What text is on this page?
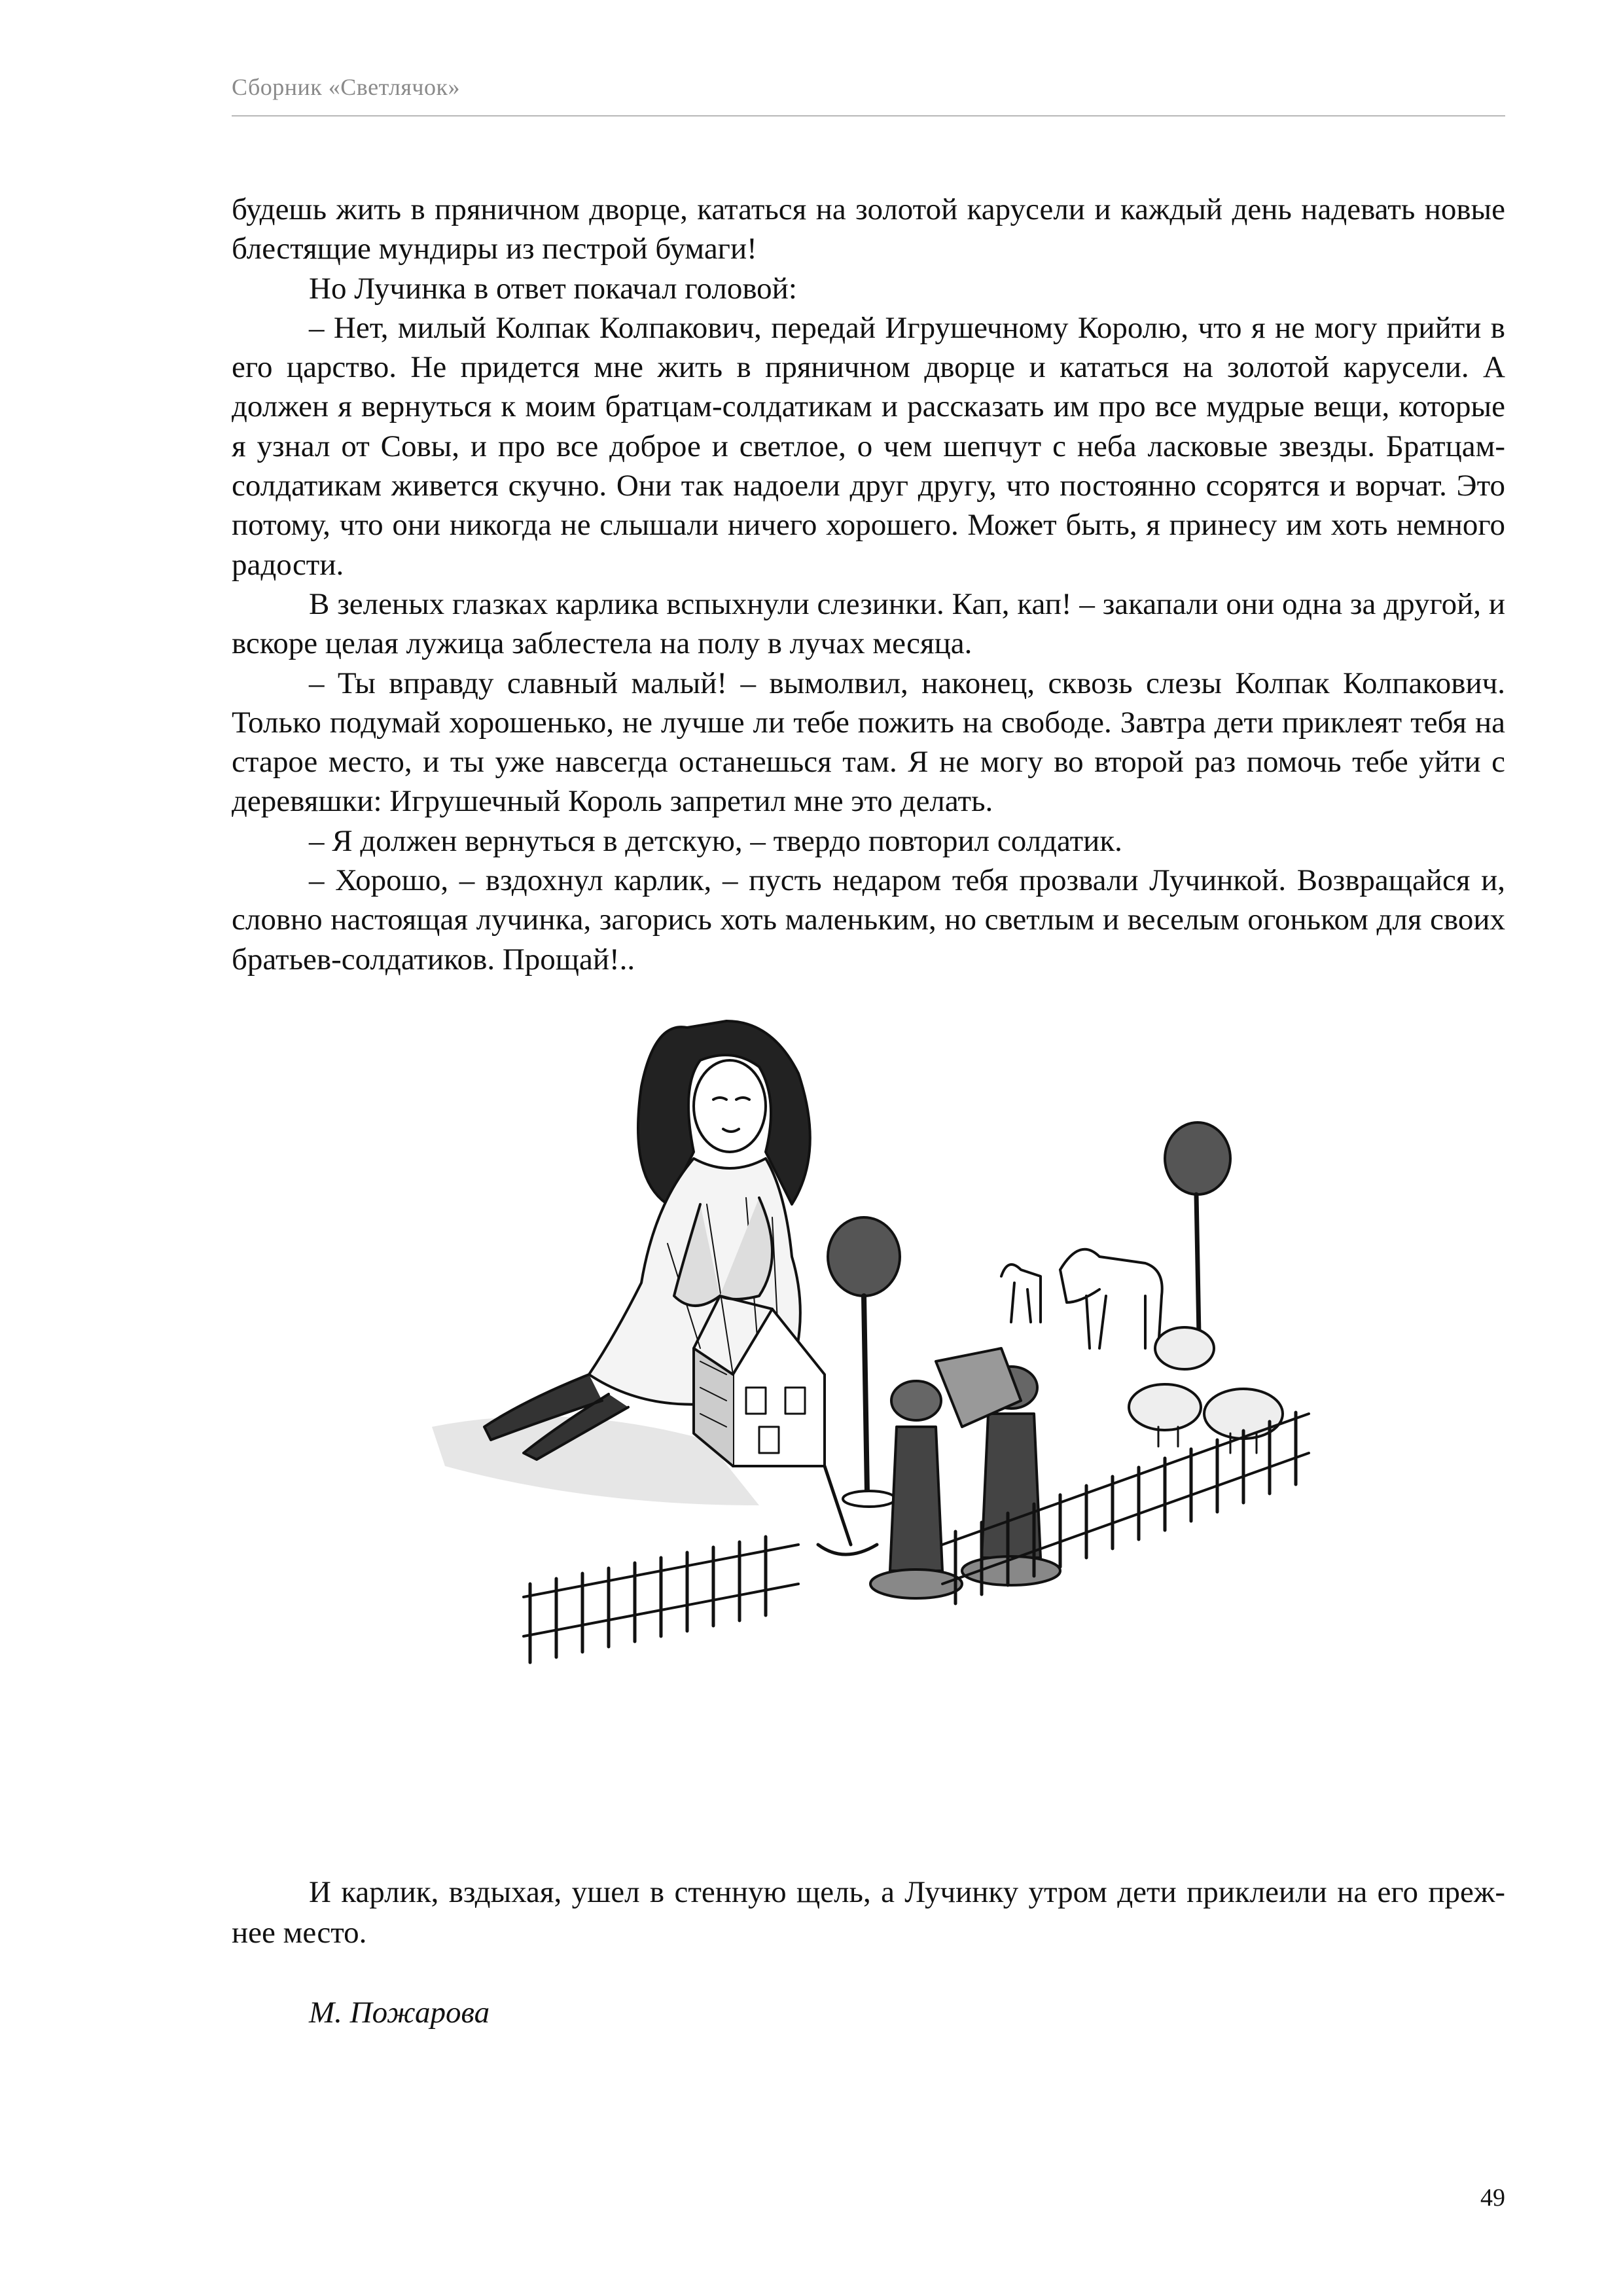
Сборник «Светлячок»

будешь жить в пряничном дворце, кататься на золотой карусели и каждый день надевать новые блестящие мундиры из пестрой бумаги!

Но Лучинка в ответ покачал головой:

– Нет, милый Колпак Колпакович, передай Игрушечному Королю, что я не могу прийти в его царство. Не придется мне жить в пряничном дворце и кататься на золотой карусели. А должен я вернуться к моим братцам-солдатикам и рассказать им про все мудрые вещи, которые я узнал от Совы, и про все доброе и светлое, о чем шепчут с неба ласковые звезды. Братцам-солдатикам живется скучно. Они так надоели друг другу, что постоянно ссорятся и ворчат. Это потому, что они никогда не слышали ничего хорошего. Может быть, я принесу им хоть немного радости.

В зеленых глазках карлика вспыхнули слезинки. Кап, кап! – закапали они одна за другой, и вскоре целая лужица заблестела на полу в лучах месяца.

– Ты вправду славный малый! – вымолвил, наконец, сквозь слезы Колпак Колпакович. Только подумай хорошенько, не лучше ли тебе пожить на свободе. Завтра дети приклеят тебя на старое место, и ты уже навсегда останешься там. Я не могу во второй раз помочь тебе уйти с деревяшки: Игрушечный Король запретил мне это делать.

– Я должен вернуться в детскую, – твердо повторил солдатик.

– Хорошо, – вздохнул карлик, – пусть недаром тебя прозвали Лучинкой. Возвращайся и, словно настоящая лучинка, загорись хоть маленьким, но светлым и веселым огоньком для своих братьев-солдатиков. Прощай!..

И карлик, вздыхая, ушел в стенную щель, а Лучинку утром дети приклеили на его прежнее место.

М. Пожарова
49
